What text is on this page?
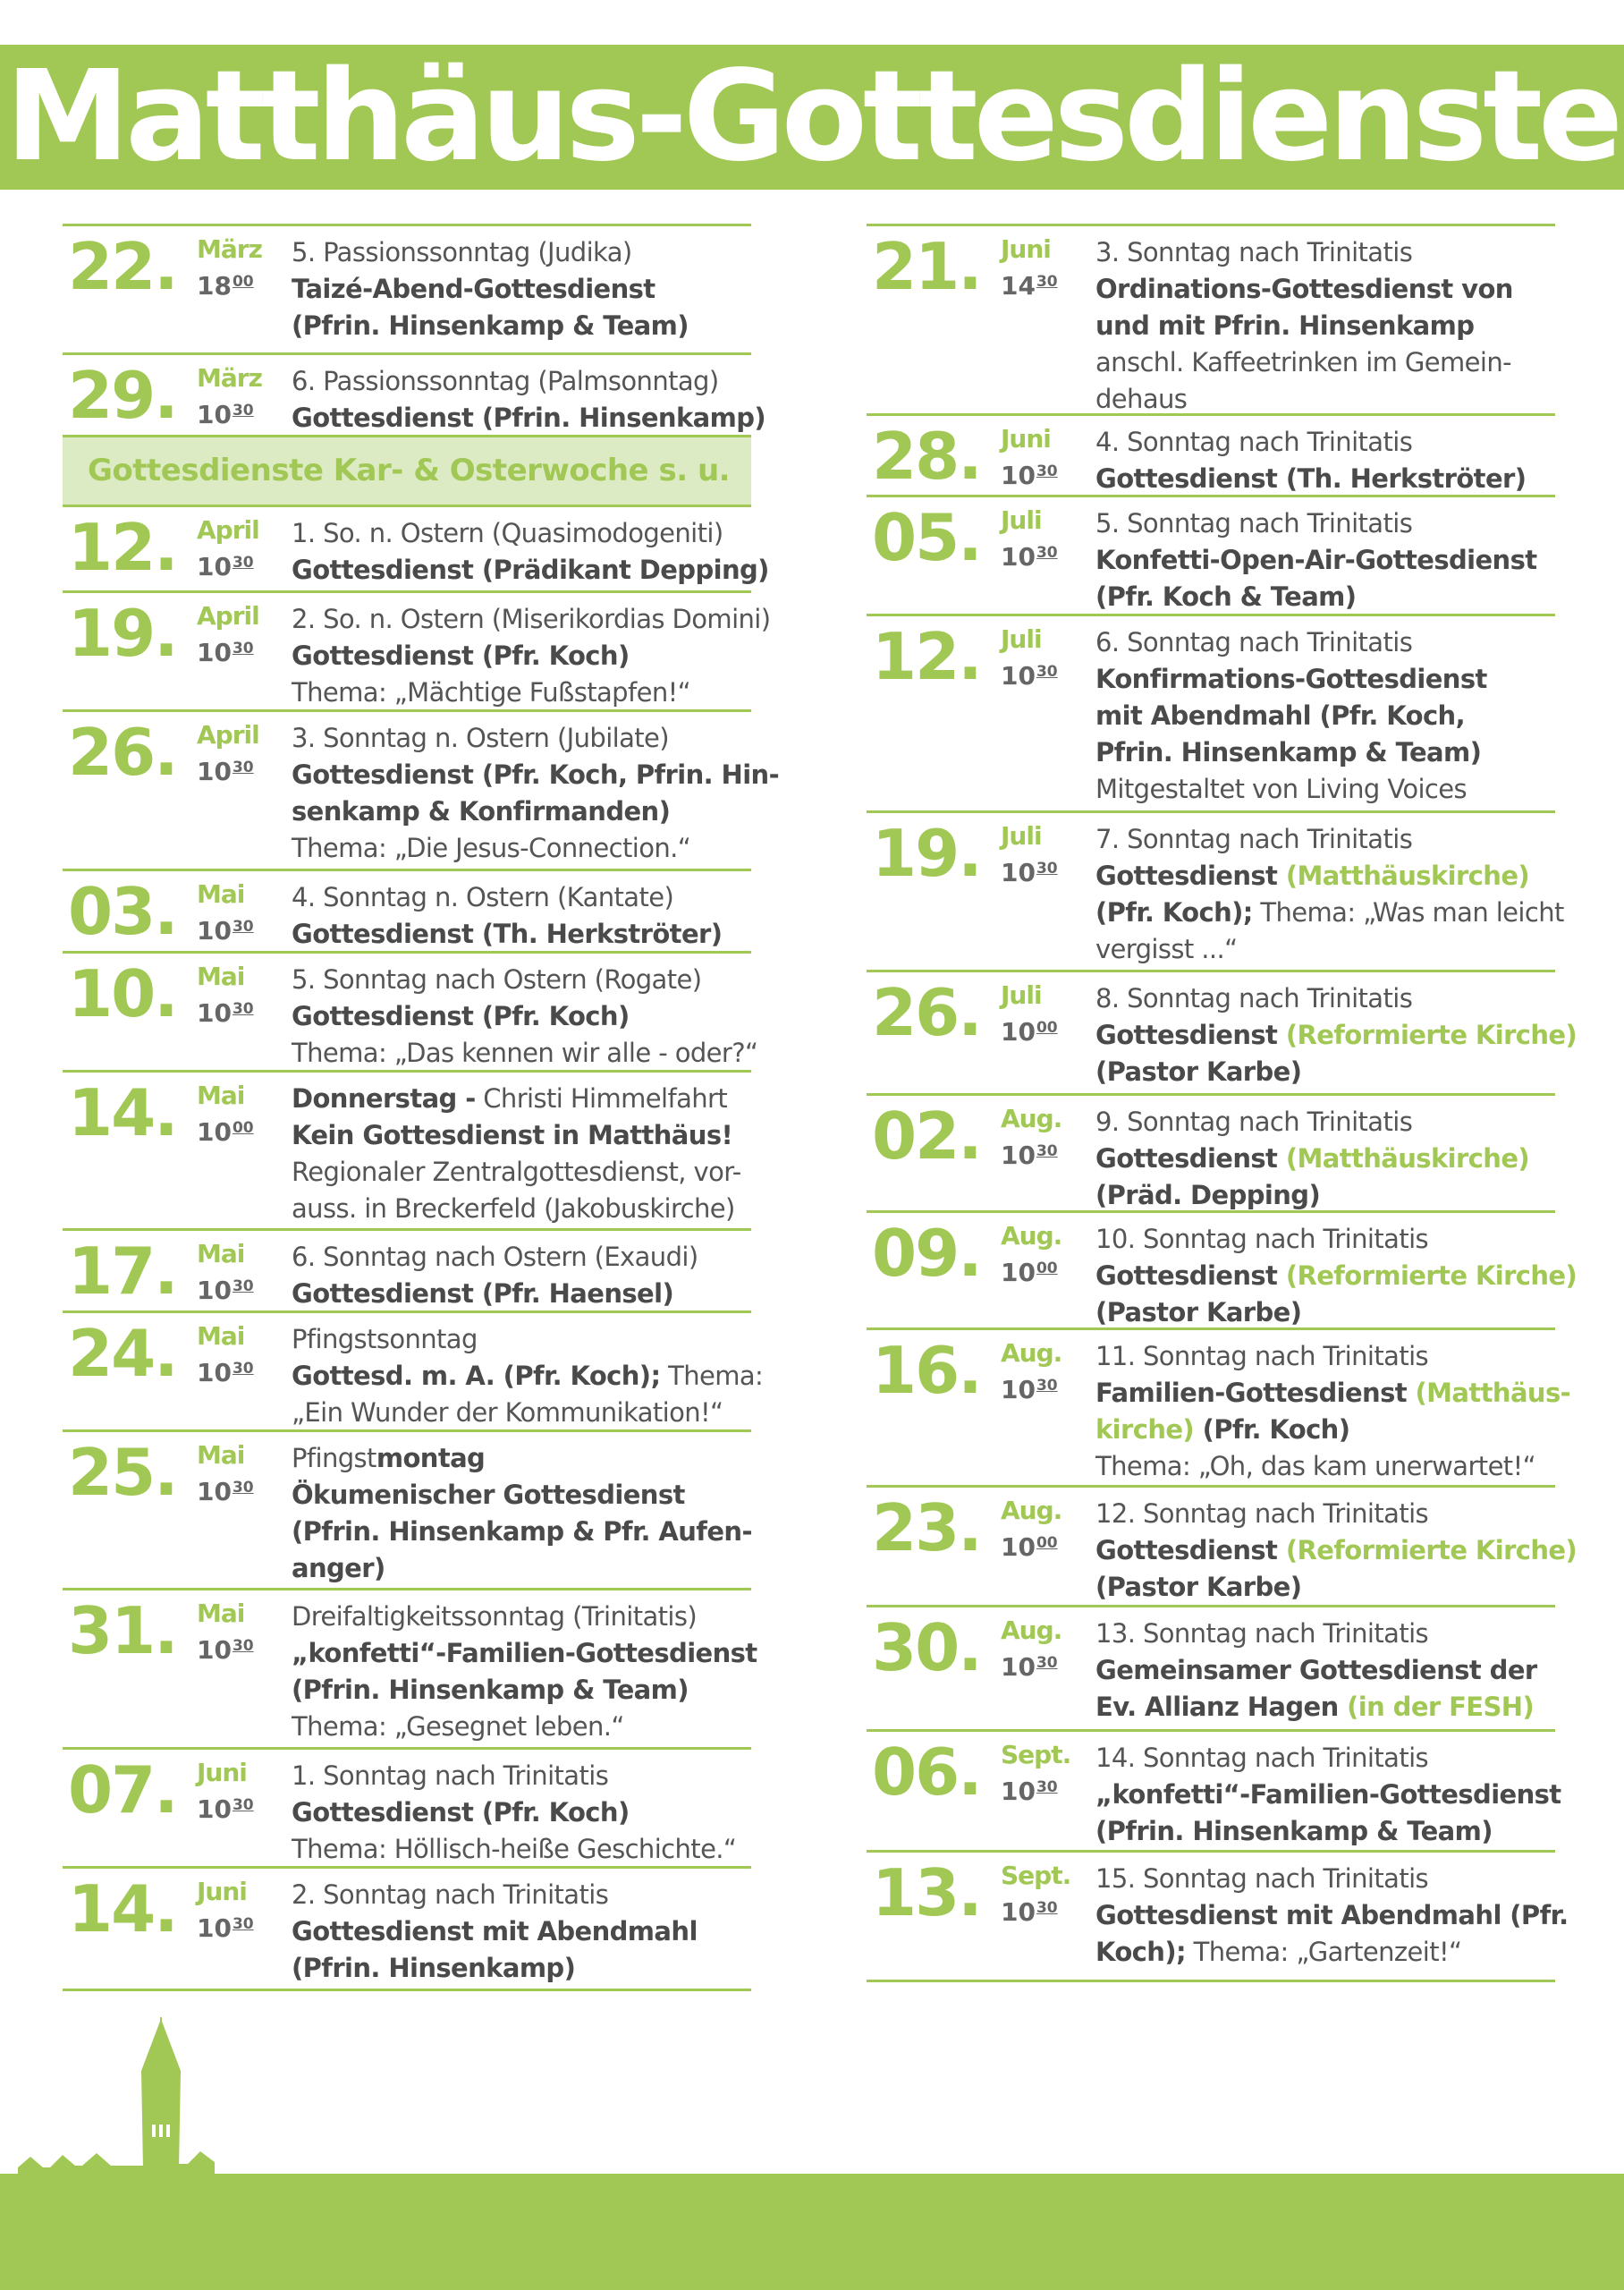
Matthäus-Gottesdienste
22. März
$18^{00}$
5. Passionssonntag (Judika)
Taizé-Abend-Gottesdienst
(Pfrin. Hinsenkamp & Team)
29. März
$10^{30}$
6. Passionssonntag (Palmsonntag)
Gottesdienst (Pfrin. Hinsenkamp)
Gottesdienste Kar- & Osterwoche s. u.
12. April
$10^{30}$
1. So. n. Ostern (Quasimodogeniti)
Gottesdienst (Prädikant Depping)
19. April
$10^{30}$
2. So. n. Ostern (Miserikordias Domini)
Gottesdienst (Pfr. Koch)
Thema: „Mächtige Fußstapfen!“
26. April
$10^{30}$
3. Sonntag n. Ostern (Jubilate)
Gottesdienst (Pfr. Koch, Pfrin. Hin-
senkamp & Konfirmanden)
Thema: „Die Jesus-Connection.“
03. Mai
$10^{30}$
4. Sonntag n. Ostern (Kantate)
Gottesdienst (Th. Herkströter)
10. Mai
$10^{30}$
5. Sonntag nach Ostern (Rogate)
Gottesdienst (Pfr. Koch)
Thema: „Das kennen wir alle - oder?“
14. Mai
$10^{00}$
Donnerstag - Christi Himmelfahrt
Kein Gottesdienst in Matthäus!
Regionaler Zentralgottesdienst, vor-
auss. in Breckerfeld (Jakobuskirche)
17. Mai
$10^{30}$
6. Sonntag nach Ostern (Exaudi)
Gottesdienst (Pfr. Haensel)
24. Mai
$10^{30}$
Pfingstsonntag
Gottesd. m. A. (Pfr. Koch); Thema:
„Ein Wunder der Kommunikation!“
25. Mai
$10^{30}$
Pfingstmontag
Ökumenischer Gottesdienst
(Pfrin. Hinsenkamp & Pfr. Aufen-
anger)
31. Mai
$10^{30}$
Dreifaltigkeitssonntag (Trinitatis)
„konfetti“-Familien-Gottesdienst
(Pfrin. Hinsenkamp & Team)
Thema: „Gesegnet leben.“
07. Juni
$10^{30}$
1. Sonntag nach Trinitatis
Gottesdienst (Pfr. Koch)
Thema: Höllisch-heiße Geschichte.“
14. Juni
$10^{30}$
2. Sonntag nach Trinitatis
Gottesdienst mit Abendmahl
(Pfrin. Hinsenkamp)
21. Juni
$14^{30}$
3. Sonntag nach Trinitatis
Ordinations-Gottesdienst von
und mit Pfrin. Hinsenkamp
anschl. Kaffeetrinken im Gemein-
dehaus
28. Juni
$10^{30}$
4. Sonntag nach Trinitatis
Gottesdienst (Th. Herkströter)
05. Juli
$10^{30}$
5. Sonntag nach Trinitatis
Konfetti-Open-Air-Gottesdienst
(Pfr. Koch & Team)
12. Juli
$10^{30}$
6. Sonntag nach Trinitatis
Konfirmations-Gottesdienst
mit Abendmahl (Pfr. Koch,
Pfrin. Hinsenkamp & Team)
Mitgestaltet von Living Voices
19. Juli
$10^{30}$
7. Sonntag nach Trinitatis
Gottesdienst (Matthäuskirche)
(Pfr. Koch); Thema: „Was man leicht
vergisst ...“
26. Juli
$10^{00}$
8. Sonntag nach Trinitatis
Gottesdienst (Reformierte Kirche)
(Pastor Karbe)
02. Aug.
$10^{30}$
9. Sonntag nach Trinitatis
Gottesdienst (Matthäuskirche)
(Präd. Depping)
09. Aug.
$10^{00}$
10. Sonntag nach Trinitatis
Gottesdienst (Reformierte Kirche)
(Pastor Karbe)
16. Aug.
$10^{30}$
11. Sonntag nach Trinitatis
Familien-Gottesdienst (Matthäus-
kirche) (Pfr. Koch)
Thema: „Oh, das kam unerwartet!“
23. Aug.
$10^{00}$
12. Sonntag nach Trinitatis
Gottesdienst (Reformierte Kirche)
(Pastor Karbe)
30. Aug.
$10^{30}$
13. Sonntag nach Trinitatis
Gemeinsamer Gottesdienst der
Ev. Allianz Hagen (in der FESH)
06. Sept.
$10^{30}$
14. Sonntag nach Trinitatis
„konfetti“-Familien-Gottesdienst
(Pfrin. Hinsenkamp & Team)
13. Sept.
$10^{30}$
15. Sonntag nach Trinitatis
Gottesdienst mit Abendmahl (Pfr.
Koch); Thema: „Gartenzeit!“
